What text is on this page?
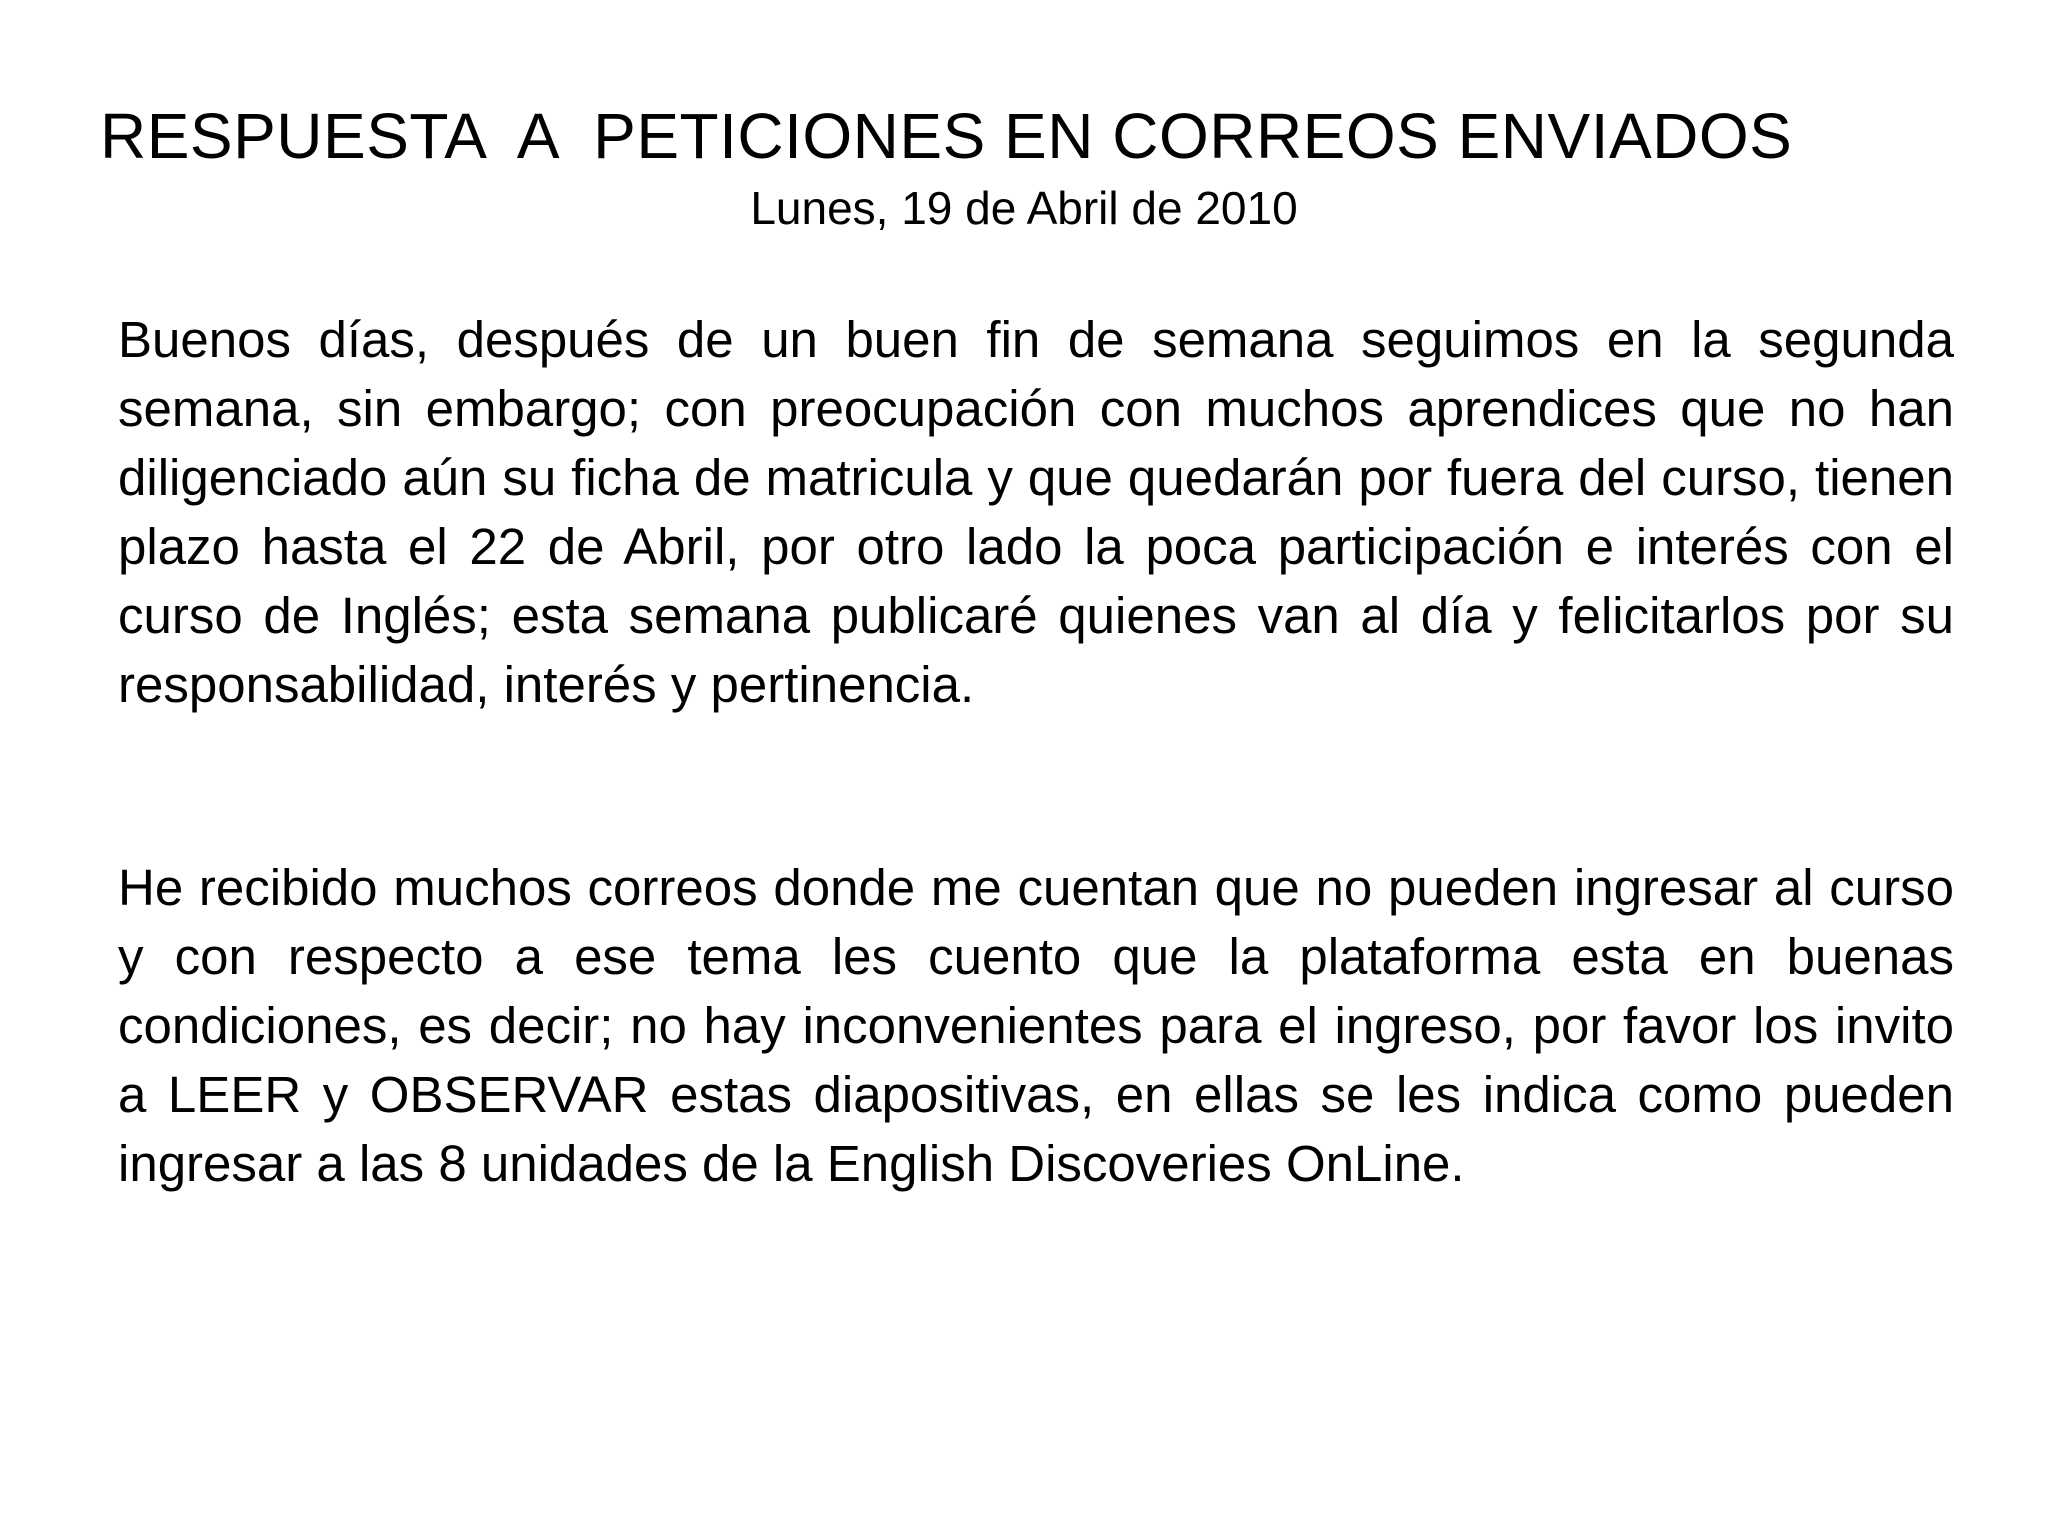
RESPUESTA  A  PETICIONES EN CORREOS ENVIADOS
Lunes, 19 de Abril de 2010

Buenos días, después de un buen fin de semana seguimos en la segunda semana, sin embargo; con preocupación con muchos aprendices que no han diligenciado aún su ficha de matricula y que quedarán por fuera del curso, tienen plazo hasta el 22 de Abril, por otro lado la poca participación e interés con el curso de Inglés; esta semana publicaré quienes van al día y felicitarlos por su responsabilidad, interés y pertinencia.

He recibido muchos correos donde me cuentan que no pueden ingresar al curso y con respecto a ese tema les cuento que la plataforma esta en buenas condiciones, es decir; no hay inconvenientes para el ingreso, por favor los invito a LEER y OBSERVAR estas diapositivas, en ellas se les indica como pueden ingresar a las 8 unidades de la English Discoveries OnLine.
